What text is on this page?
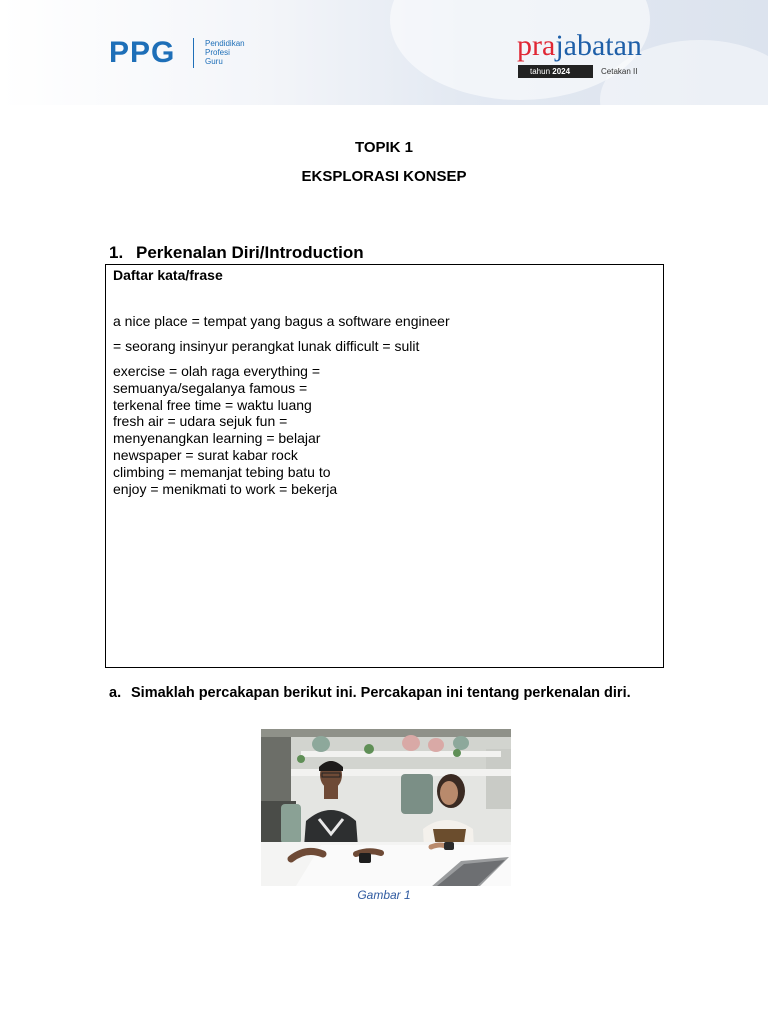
PPG	Pendidikan
Profesi
Guru	prajabatan
tahun 2024	Cetakan II
TOPIK 1
EKSPLORASI KONSEP
1. Perkenalan Diri/Introduction
Daftar kata/frase
a nice place = tempat yang bagus a software engineer
= seorang insinyur perangkat lunak difficult = sulit
exercise = olah raga everything =
semuanya/segalanya famous =
terkenal free time = waktu luang
fresh air = udara sejuk fun =
menyenangkan learning = belajar
newspaper = surat kabar rock
climbing = memanjat tebing batu to
enjoy = menikmati to work = bekerja
a. Simaklah percakapan berikut ini. Percakapan ini tentang perkenalan diri.
Gambar 1
